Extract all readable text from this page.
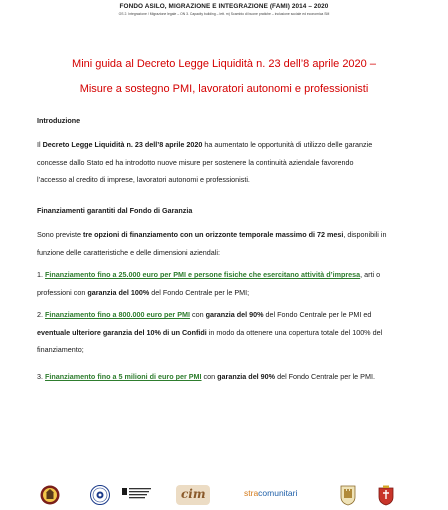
FONDO ASILO, MIGRAZIONE E INTEGRAZIONE (FAMI) 2014 – 2020
OS 2. Integrazione / Migrazione legale – ON 3. Capacity building – lett. m) Scambio di buone pratiche – inclusione sociale ed economica SM
Mini guida al Decreto Legge Liquidità n. 23 dell’8 aprile 2020 –
Misure a sostegno PMI, lavoratori autonomi e professionisti
Introduzione
Il Decreto Legge Liquidità n. 23 dell’8 aprile 2020 ha aumentato le opportunità di utilizzo delle garanzie
concesse dallo Stato ed ha introdotto nuove misure per sostenere la continuità aziendale favorendo
l’accesso al credito di imprese, lavoratori autonomi e professionisti.
Finanziamenti garantiti dal Fondo di Garanzia
Sono previste tre opzioni di finanziamento con un orizzonte temporale massimo di 72 mesi, disponibili in
funzione delle caratteristiche e delle dimensioni aziendali:
1. Finanziamento fino a 25.000 euro per PMI e persone fisiche che esercitano attività d’impresa, arti o
professioni con garanzia del 100% del Fondo Centrale per le PMI;
2. Finanziamento fino a 800.000 euro per PMI con garanzia del 90% del Fondo Centrale per le PMI ed
eventuale ulteriore garanzia del 10% di un Confidi in modo da ottenere una copertura totale del 100% del
finanziamento;
3. Finanziamento fino a 5 milioni di euro per PMI con garanzia del 90% del Fondo Centrale per le PMI.
cim	stracomunitari
